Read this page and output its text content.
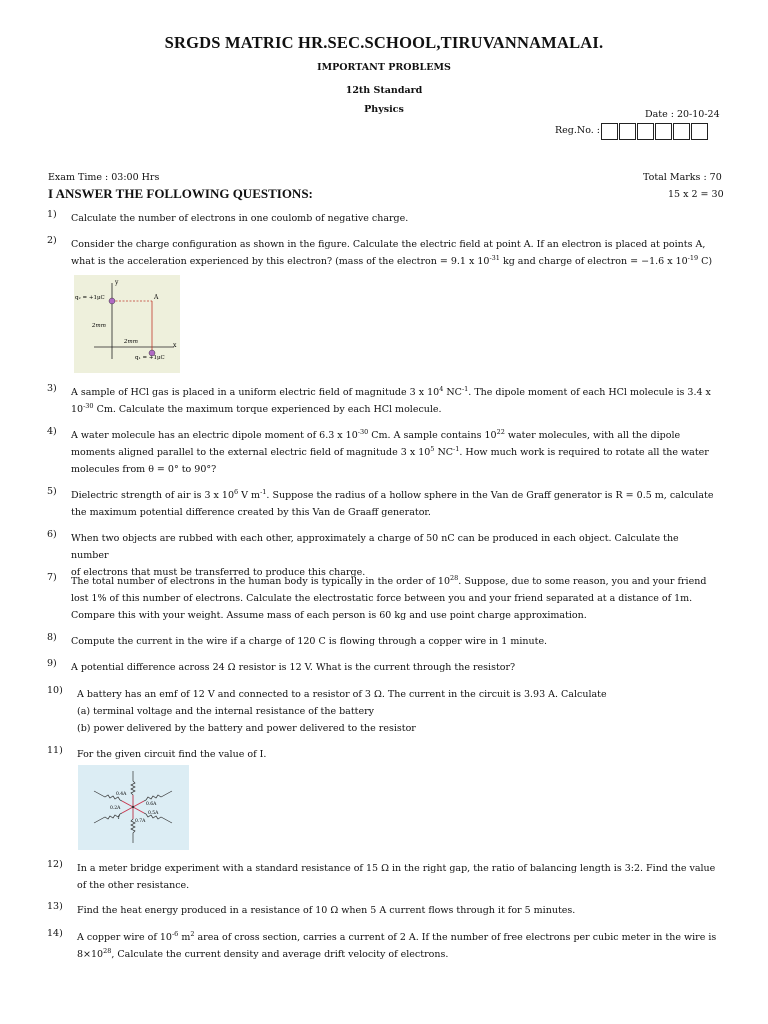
SRGDS MATRIC HR.SEC.SCHOOL,TIRUVANNAMALAI.
IMPORTANT PROBLEMS
12th Standard
Physics	Date : 20-10-24
Reg.No. :
Exam Time : 03:00 Hrs	Total Marks : 70
I ANSWER THE FOLLOWING QUESTIONS:	15 x 2 = 30
1) Calculate the number of electrons in one coulomb of negative charge.
2) Consider the charge configuration as shown in the figure. Calculate the electric field at point A. If an electron is placed at points A,
what is the acceleration experienced by this electron? (mass of the electron = 9.1 x $10^{-31}$ kg and charge of electron = −1.6 x $10^{-19}$ C)
y
x
q₂ = +1μC	A
2mm
2mm
q₁ = +1μC
3) A sample of HCl gas is placed in a uniform electric field of magnitude 3 x $10^4$ $NC^{-1}$. The dipole moment of each HCl molecule is 3.4 x
$10^{-30}$ Cm. Calculate the maximum torque experienced by each HCl molecule.
4) A water molecule has an electric dipole moment of 6.3 x $10^{-30}$ Cm. A sample contains $10^{22}$ water molecules, with all the dipole
moments aligned parallel to the external electric field of magnitude 3 x $10^5$ $NC^{-1}$. How much work is required to rotate all the water
molecules from θ = 0° to 90°?
5) Dielectric strength of air is 3 x $10^6$ V $m^{-1}$. Suppose the radius of a hollow sphere in the Van de Graff generator is R = 0.5 m, calculate
the maximum potential difference created by this Van de Graaff generator.
6) When two objects are rubbed with each other, approximately a charge of 50 nC can be produced in each object. Calculate the number
of electrons that must be transferred to produce this charge.
7) The total number of electrons in the human body is typically in the order of $10^{28}$. Suppose, due to some reason, you and your friend
lost 1% of this number of electrons. Calculate the electrostatic force between you and your friend separated at a distance of 1m.
Compare this with your weight. Assume mass of each person is 60 kg and use point charge approximation.
8) Compute the current in the wire if a charge of 120 C is flowing through a copper wire in 1 minute.
9) A potential difference across 24 Ω resistor is 12 V. What is the current through the resistor?
10) A battery has an emf of 12 V and connected to a resistor of 3 Ω. The current in the circuit is 3.93 A. Calculate
(a) terminal voltage and the internal resistance of the battery
(b) power delivered by the battery and power delivered to the resistor
11) For the given circuit find the value of I.
0.4A
0.6A
0.2A
0.5A
0.7A
I
12) In a meter bridge experiment with a standard resistance of 15 Ω in the right gap, the ratio of balancing length is 3:2. Find the value
of the other resistance.
13) Find the heat energy produced in a resistance of 10 Ω when 5 A current flows through it for 5 minutes.
14) A copper wire of $10^{-6}$ $m^2$ area of cross section, carries a current of 2 A. If the number of free electrons per cubic meter in the wire is
$8\times 10^{28}$, Calculate the current density and average drift velocity of electrons.
